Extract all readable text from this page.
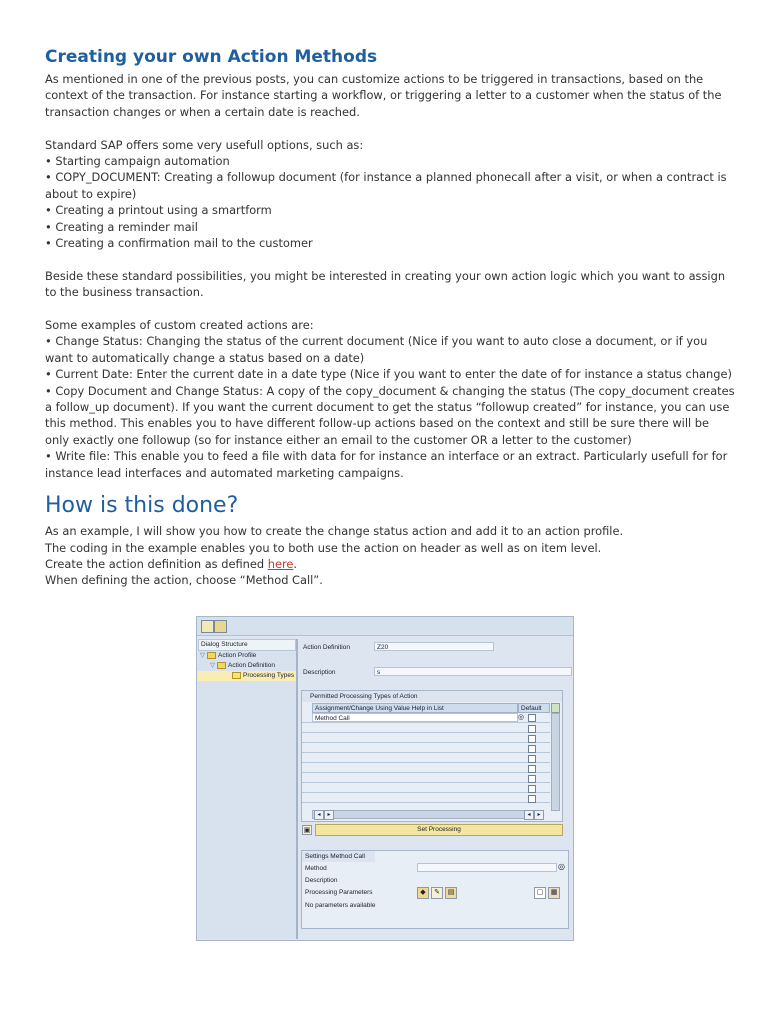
Creating your own Action Methods

As mentioned in one of the previous posts, you can customize actions to be triggered in transactions, based on the context of the transaction. For instance starting a workflow, or triggering a letter to a customer when the status of the transaction changes or when a certain date is reached.

Standard SAP offers some very usefull options, such as:

• Starting campaign automation

• COPY_DOCUMENT: Creating a followup document (for instance a planned phonecall after a visit, or when a contract is about to expire)

• Creating a printout using a smartform

• Creating a reminder mail

• Creating a confirmation mail to the customer

Beside these standard possibilities, you might be interested in creating your own action logic which you want to assign to the business transaction.

Some examples of custom created actions are:

• Change Status: Changing the status of the current document (Nice if you want to auto close a document, or if you want to automatically change a status based on a date)

• Current Date: Enter the current date in a date type (Nice if you want to enter the date of for instance a status change)

• Copy Document and Change Status: A copy of the copy_document & changing the status (The copy_document creates a follow_up document). If you want the current document to get the status “followup created” for instance, you can use this method. This enables you to have different follow-up actions based on the context and still be sure there will be only exactly one followup (so for instance either an email to the customer OR a letter to the customer)

• Write file: This enable you to feed a file with data for for instance an interface or an extract. Particularly usefull for for instance lead interfaces and automated marketing campaigns.

How is this done?

As an example, I will show you how to create the change status action and add it to an action profile.

The coding in the example enables you to both use the action on header as well as on item level.

Create the action definition as defined here.

When defining the action, choose “Method Call”.

Dialog Structure
▽ Action Profile
▽ Action Definition
Processing Types
Action Definition	Z20
Description	s
Permitted Processing Types of Action
Assignment/Change Using Value Help in List	Default
Method Call	◎
◂	▸	◂	▸
▣	Set Processing
Settings Method Call
Method	◎
Description
Processing Parameters	◆	✎	▤	▢	▦
No parameters available
